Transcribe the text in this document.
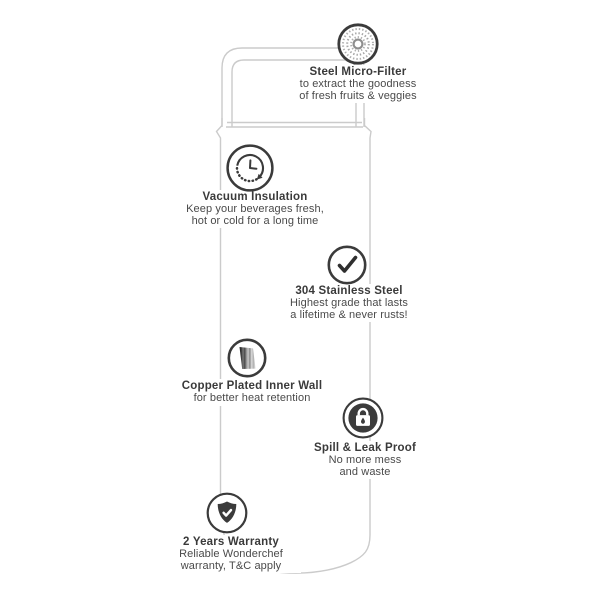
Steel Micro-Filter
to extract the goodness
of fresh fruits & veggies
Vacuum Insulation
Keep your beverages fresh,
hot or cold for a long time
304 Stainless Steel
Highest grade that lasts
a lifetime & never rusts!
Copper Plated Inner Wall
for better heat retention
Spill & Leak Proof
No more mess
and waste
2 Years Warranty
Reliable Wonderchef
warranty, T&C apply
